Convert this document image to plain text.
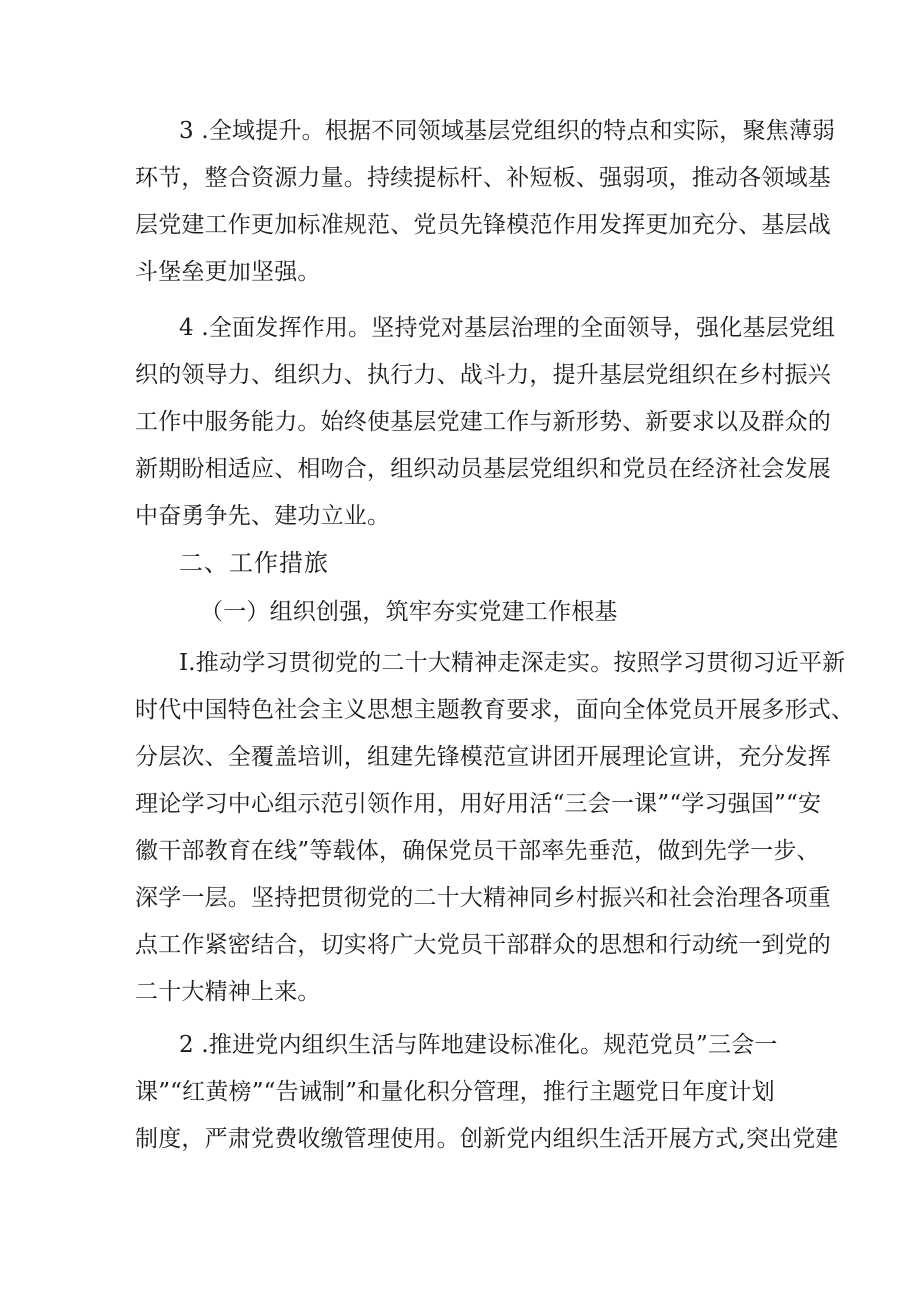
3 .全域提升。根据不同领域基层党组织的特点和实际，聚焦薄弱
环节，整合资源力量。持续提标杆、补短板、强弱项，推动各领域基
层党建工作更加标准规范、党员先锋模范作用发挥更加充分、基层战
斗堡垒更加坚强。
4 .全面发挥作用。坚持党对基层治理的全面领导，强化基层党组
织的领导力、组织力、执行力、战斗力，提升基层党组织在乡村振兴
工作中服务能力。始终使基层党建工作与新形势、新要求以及群众的
新期盼相适应、相吻合，组织动员基层党组织和党员在经济社会发展
中奋勇争先、建功立业。
二、工作措旅
（一）组织创强，筑牢夯实党建工作根基
I.推动学习贯彻党的二十大精神走深走实。按照学习贯彻习近平新
时代中国特色社会主义思想主题教育要求，面向全体党员开展多形式、
分层次、全覆盖培训，组建先锋模范宣讲团开展理论宣讲，充分发挥
理论学习中心组示范引领作用，用好用活“三会一课”“学习强国”“安
徽干部教育在线”等载体，确保党员干部率先垂范，做到先学一步、
深学一层。坚持把贯彻党的二十大精神同乡村振兴和社会治理各项重
点工作紧密结合，切实将广大党员干部群众的思想和行动统一到党的
二十大精神上来。
2 .推进党内组织生活与阵地建设标准化。规范党员”三会一
课”“红黄榜”“告诫制”和量化积分管理，推行主题党日年度计划
制度，严肃党费收缴管理使用。创新党内组织生活开展方式,突出党建
